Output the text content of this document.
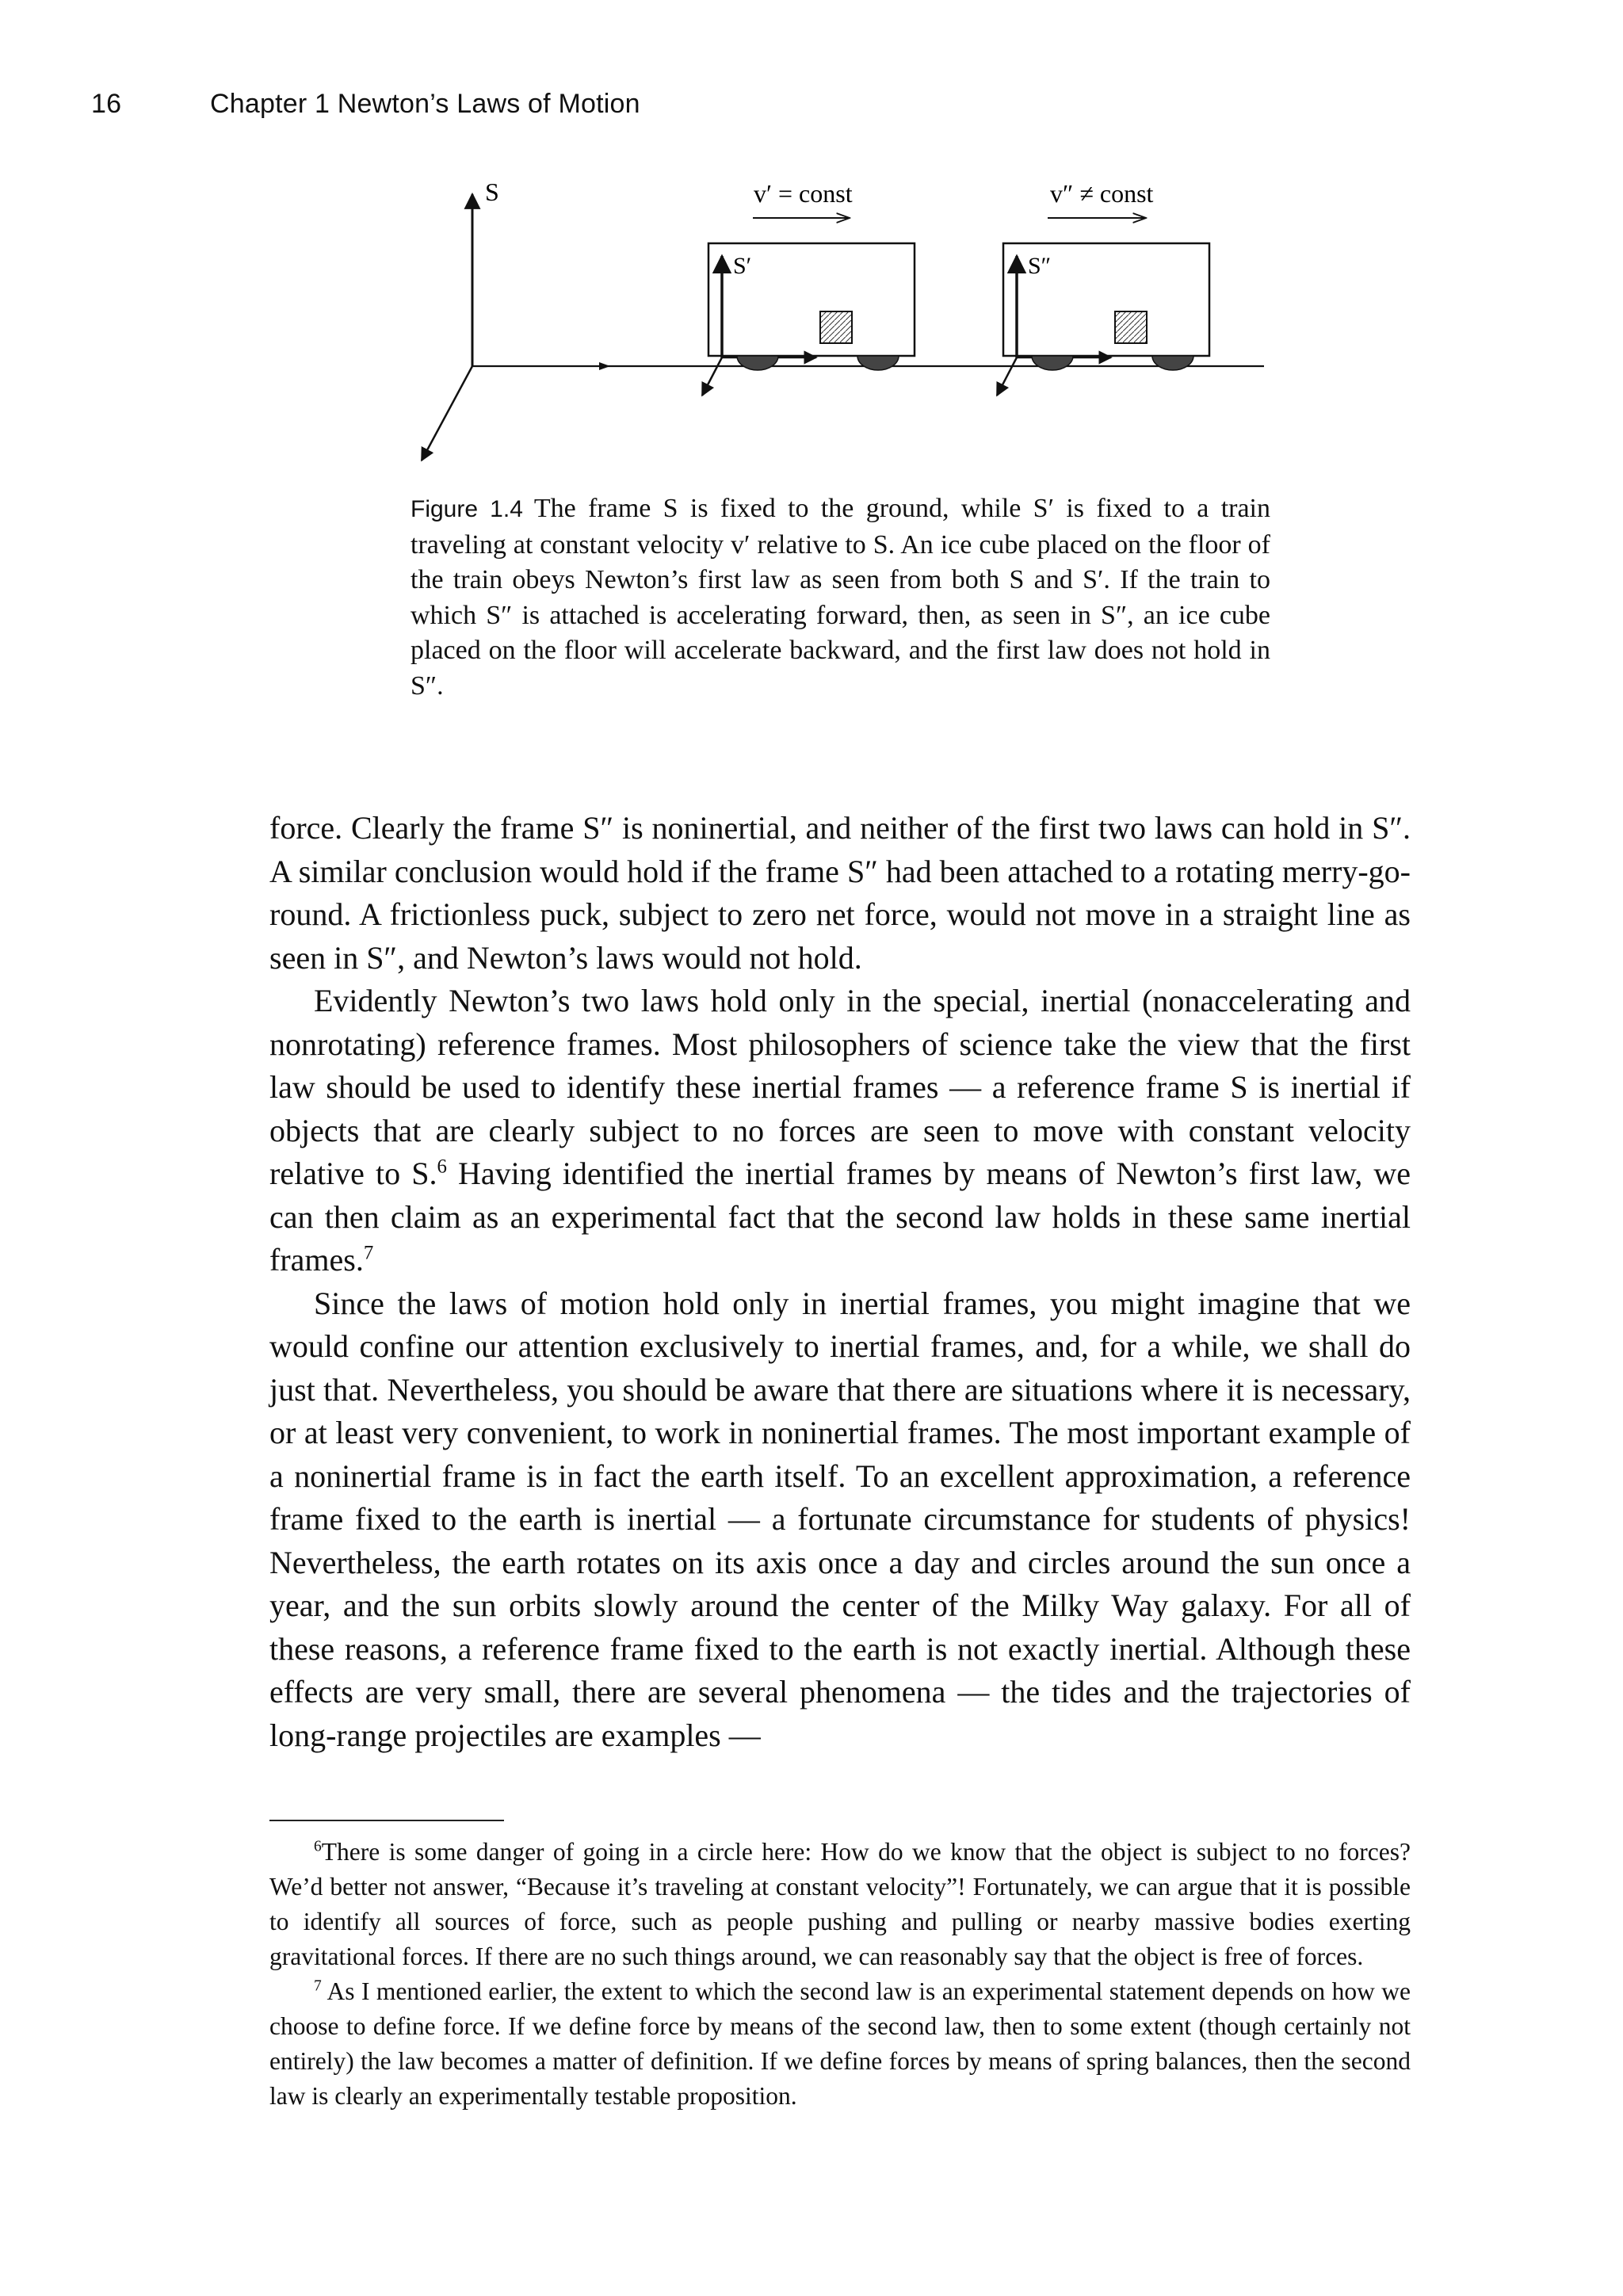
16	Chapter 1 Newton’s Laws of Motion
S
S′
v′ = const
S″
v″ ≠ const
Figure 1.4 The frame S is fixed to the ground, while S′ is fixed to a train traveling at constant velocity v′ relative to S. An ice cube placed on the floor of the train obeys Newton’s first law as seen from both S and S′. If the train to which S″ is attached is accelerating forward, then, as seen in S″, an ice cube placed on the floor will accelerate backward, and the first law does not hold in S″.

force. Clearly the frame S″ is noninertial, and neither of the first two laws can hold in S″. A similar conclusion would hold if the frame S″ had been attached to a rotating merry-go-round. A frictionless puck, subject to zero net force, would not move in a straight line as seen in S″, and Newton’s laws would not hold.

Evidently Newton’s two laws hold only in the special, inertial (nonaccelerating and nonrotating) reference frames. Most philosophers of science take the view that the first law should be used to identify these inertial frames — a reference frame S is inertial if objects that are clearly subject to no forces are seen to move with constant velocity relative to S.$^6$ Having identified the inertial frames by means of Newton’s first law, we can then claim as an experimental fact that the second law holds in these same inertial frames.$^7$

Since the laws of motion hold only in inertial frames, you might imagine that we would confine our attention exclusively to inertial frames, and, for a while, we shall do just that. Nevertheless, you should be aware that there are situations where it is necessary, or at least very convenient, to work in noninertial frames. The most important example of a noninertial frame is in fact the earth itself. To an excellent approximation, a reference frame fixed to the earth is inertial — a fortunate circumstance for students of physics! Nevertheless, the earth rotates on its axis once a day and circles around the sun once a year, and the sun orbits slowly around the center of the Milky Way galaxy. For all of these reasons, a reference frame fixed to the earth is not exactly inertial. Although these effects are very small, there are several phenomena — the tides and the trajectories of long-range projectiles are examples —

$^6$There is some danger of going in a circle here: How do we know that the object is subject to no forces? We’d better not answer, “Because it’s traveling at constant velocity”! Fortunately, we can argue that it is possible to identify all sources of force, such as people pushing and pulling or nearby massive bodies exerting gravitational forces. If there are no such things around, we can reasonably say that the object is free of forces.

$^7$ As I mentioned earlier, the extent to which the second law is an experimental statement depends on how we choose to define force. If we define force by means of the second law, then to some extent (though certainly not entirely) the law becomes a matter of definition. If we define forces by means of spring balances, then the second law is clearly an experimentally testable proposition.
